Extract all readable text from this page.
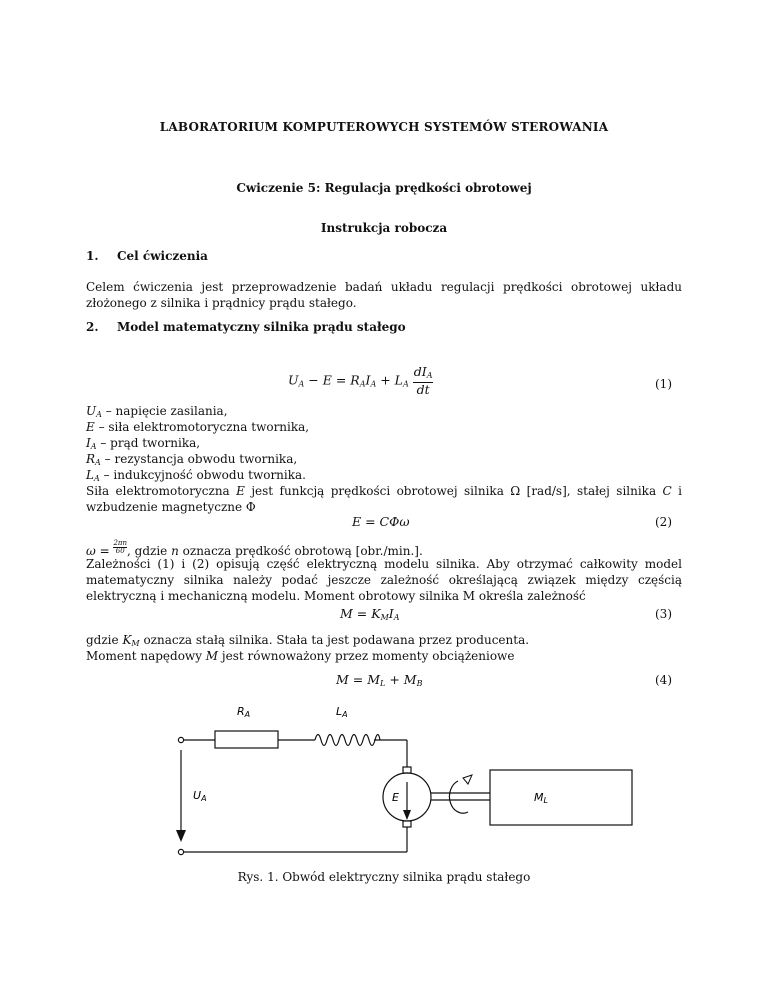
LABORATORIUM KOMPUTEROWYCH SYSTEMÓW STEROWANIA
Cwiczenie 5: Regulacja prędkości obrotowej
Instrukcja robocza
1. Cel ćwiczenia
Celem ćwiczenia jest przeprowadzenie badań układu regulacji prędkości obrotowej układu złożonego z silnika i prądnicy prądu stałego.
2. Model matematyczny silnika prądu stałego
$U_A - E = R_AI_A + L_A \frac{dI_A}{dt}$	(1)
$U_A$ – napięcie zasilania,
E – siła elektromotoryczna twornika,
$I_A$ – prąd twornika,
$R_A$ – rezystancja obwodu twornika,
$L_A$ – indukcyjność obwodu twornika.
Siła elektromotoryczna E jest funkcją prędkości obrotowej silnika Ω [rad/s], stałej silnika C i wzbudzenie magnetyczne Φ
E = CΦω	(2)
$\omega = \frac{2\pi n}{60}$ , gdzie n oznacza prędkość obrotową [obr./min.].
Zależności (1) i (2) opisują część elektryczną modelu silnika. Aby otrzymać całkowity model matematyczny silnika należy podać jeszcze zależność określającą związek między częścią elektryczną i mechaniczną modelu. Moment obrotowy silnika M określa zależność
$M = K_MI_A$	(3)
gdzie $K_M$ oznacza stałą silnika. Stała ta jest podawana przez producenta.
Moment napędowy M jest równoważony przez momenty obciążeniowe
$M = M_L + M_B$	(4)
RA	LA
UA	E	ML
Rys. 1. Obwód elektryczny silnika prądu stałego
